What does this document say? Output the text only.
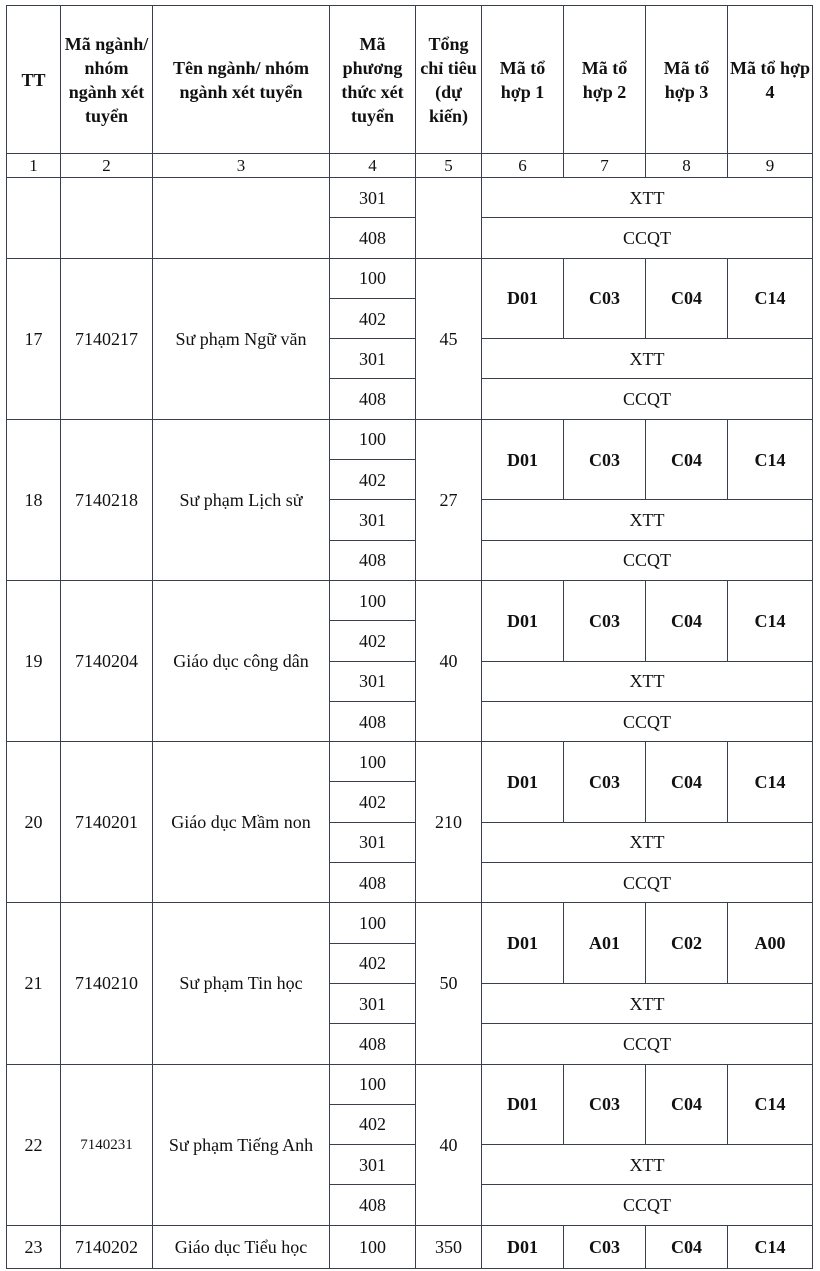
TT	Mã ngành/ nhóm ngành xét tuyển	Tên ngành/ nhóm ngành xét tuyển	Mã phương thức xét tuyển	Tổng chỉ tiêu (dự kiến)	Mã tổ hợp 1	Mã tổ hợp 2	Mã tổ hợp 3	Mã tổ hợp 4
1	2	3	4	5	6	7	8	9
			301		XTT			
			408		CCQT			
17	7140217	Sư phạm Ngữ văn	100	45	D01	C03	C04	C14
			402					
			301		XTT			
			408		CCQT			
18	7140218	Sư phạm Lịch sử	100	27	D01	C03	C04	C14
			402					
			301		XTT			
			408		CCQT			
19	7140204	Giáo dục công dân	100	40	D01	C03	C04	C14
			402					
			301		XTT			
			408		CCQT			
20	7140201	Giáo dục Mầm non	100	210	D01	C03	C04	C14
			402					
			301		XTT			
			408		CCQT			
21	7140210	Sư phạm Tin học	100	50	D01	A01	C02	A00
			402					
			301		XTT			
			408		CCQT			
22	7140231	Sư phạm Tiếng Anh	100	40	D01	C03	C04	C14
			402					
			301		XTT			
			408		CCQT			
23	7140202	Giáo dục Tiểu học	100	350	D01	C03	C04	C14
